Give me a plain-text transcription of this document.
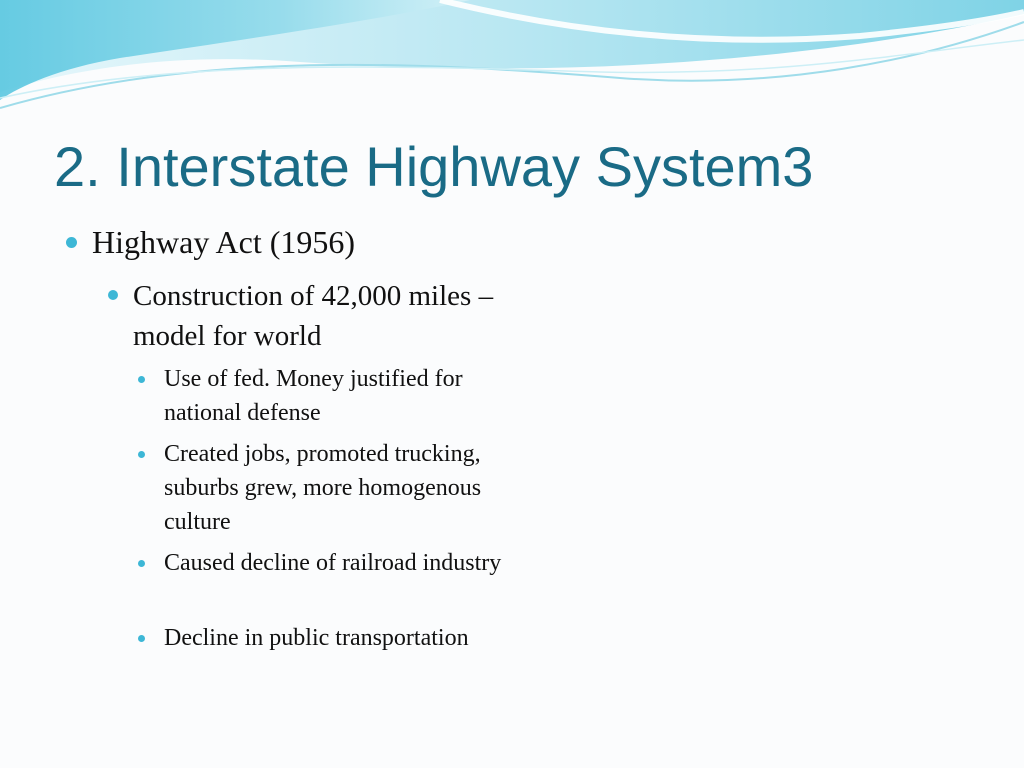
2. Interstate Highway System3
Highway Act (1956)
Construction of 42,000 miles – model for world
Use of fed. Money justified for national defense
Created jobs, promoted trucking, suburbs grew, more homogenous culture
Caused decline of railroad industry
Decline in public transportation
